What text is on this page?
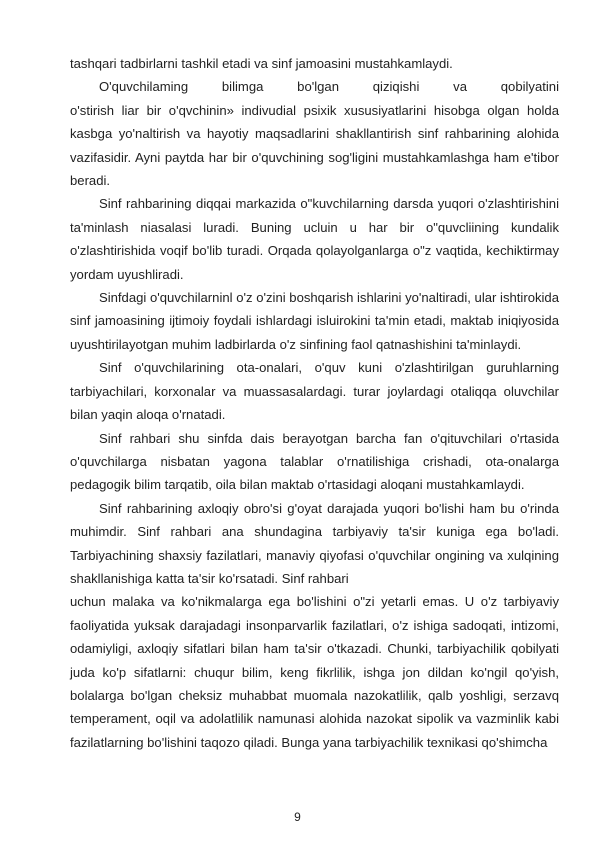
tashqari tadbirlarni tashkil etadi va sinf jamoasini mustahkamlaydi.

O'quvchilaming bilimga bo'lgan qiziqishi va qobilyatini

o'stirish liar bir o'qvchinin» indivudial psixik xususiyatlarini hisobga olgan holda kasbga yo'naltirish va hayotiy maqsadlarini shakllantirish sinf rahbarining alohida vazifasidir. Ayni paytda har bir o'quvchining sog'ligini mustahkamlashga ham e'tibor beradi.

Sinf rahbarining diqqai markazida o"kuvchilarning darsda yuqori o'zlashtirishini ta'minlash niasalasi luradi. Buning ucluin u har bir o"quvcliining kundalik o'zlashtirishida voqif bo'lib turadi. Orqada qolayolganlarga o"z vaqtida, kechiktirmay yordam uyushliradi.

Sinfdagi o'quvchilarninl o'z o'zini boshqarish ishlarini yo'naltiradi, ular ishtirokida sinf jamoasining ijtimoiy foydali ishlardagi isluirokini ta'min etadi, maktab iniqiyosida uyushtirilayotgan muhim ladbirlarda o'z sinfining faol qatnashishini ta'minlaydi.

Sinf o'quvchilarining ota-onalari, o'quv kuni o'zlashtirilgan guruhlarning tarbiyachilari, korxonalar va muassasalardagi. turar joylardagi otaliqqa oluvchilar bilan yaqin aloqa o'rnatadi.

Sinf rahbari shu sinfda dais berayotgan barcha fan o'qituvchilari o'rtasida o'quvchilarga nisbatan yagona talablar o'rnatilishiga crishadi, ota-onalarga pedagogik bilim tarqatib, oila bilan maktab o'rtasidagi aloqani mustahkamlaydi.

Sinf rahbarining axloqiy obro'si g'oyat darajada yuqori bo'lishi ham bu o'rinda muhimdir. Sinf rahbari ana shundagina tarbiyaviy ta'sir kuniga ega bo'ladi. Tarbiyachining shaxsiy fazilatlari, manaviy qiyofasi o'quvchilar ongining va xulqining shakllanishiga katta ta'sir ko'rsatadi. Sinf rahbari

uchun malaka va ko'nikmalarga ega bo'lishini o"zi yetarli emas. U o'z tarbiyaviy faoliyatida yuksak darajadagi insonparvarlik fazilatlari, o'z ishiga sadoqati, intizomi, odamiyligi, axloqiy sifatlari bilan ham ta'sir o'tkazadi. Chunki, tarbiyachilik qobilyati juda ko'p sifatlarni: chuqur bilim, keng fikrlilik, ishga jon dildan ko'ngil qo'yish, bolalarga bo'lgan cheksiz muhabbat muomala nazokatlilik, qalb yoshligi, serzavq temperament, oqil va adolatlilik namunasi alohida nazokat sipolik va vazminlik kabi fazilatlarning bo'lishini taqozo qiladi. Bunga yana tarbiyachilik texnikasi qo'shimcha

9
